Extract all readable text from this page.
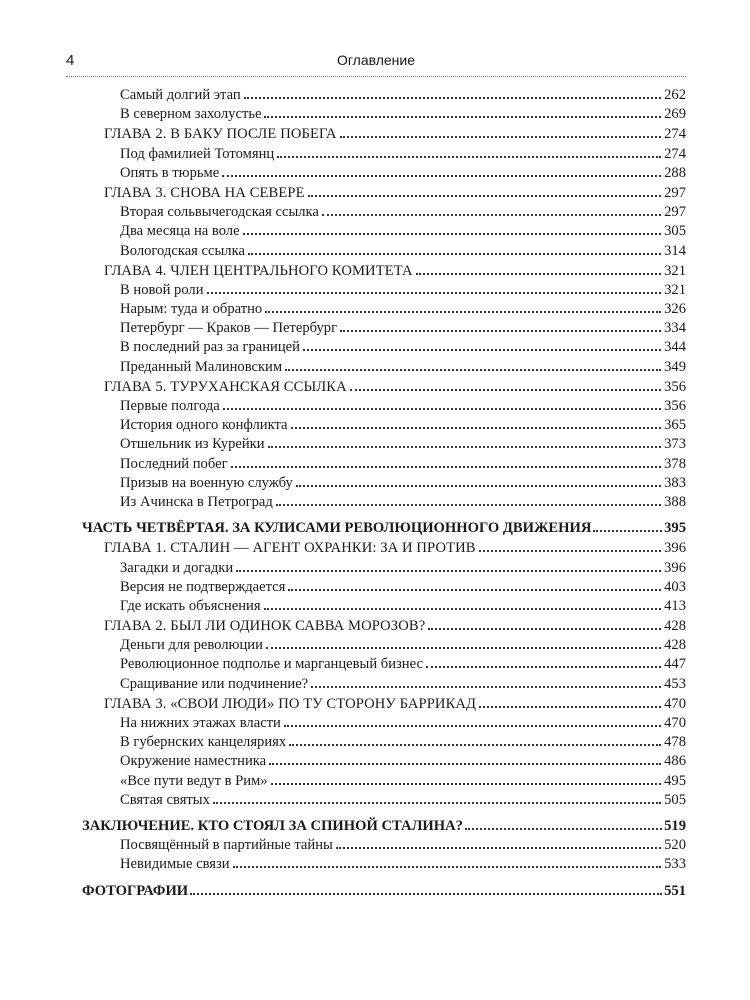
4	Оглавление
Самый долгий этап	262
В северном захолустье	269
ГЛАВА 2. В БАКУ ПОСЛЕ ПОБЕГА	274
Под фамилией Тотомянц	274
Опять в тюрьме	288
ГЛАВА 3. СНОВА НА СЕВЕРЕ	297
Вторая сольвычегодская ссылка	297
Два месяца на воле	305
Вологодская ссылка	314
ГЛАВА 4. ЧЛЕН ЦЕНТРАЛЬНОГО КОМИТЕТА	321
В новой роли	321
Нарым: туда и обратно	326
Петербург — Краков — Петербург	334
В последний раз за границей	344
Преданный Малиновским	349
ГЛАВА 5. ТУРУХАНСКАЯ ССЫЛКА	356
Первые полгода	356
История одного конфликта	365
Отшельник из Курейки	373
Последний побег	378
Призыв на военную службу	383
Из Ачинска в Петроград	388
ЧАСТЬ ЧЕТВЁРТАЯ. ЗА КУЛИСАМИ РЕВОЛЮЦИОННОГО ДВИЖЕНИЯ	395
ГЛАВА 1. СТАЛИН — АГЕНТ ОХРАНКИ: ЗА И ПРОТИВ	396
Загадки и догадки	396
Версия не подтверждается	403
Где искать объяснения	413
ГЛАВА 2. БЫЛ ЛИ ОДИНОК САВВА МОРОЗОВ?	428
Деньги для революции	428
Революционное подполье и марганцевый бизнес	447
Сращивание или подчинение?	453
ГЛАВА 3. «СВОИ ЛЮДИ» ПО ТУ СТОРОНУ БАРРИКАД	470
На нижних этажах власти	470
В губернских канцеляриях	478
Окружение наместника	486
«Все пути ведут в Рим»	495
Святая святых	505
ЗАКЛЮЧЕНИЕ. КТО СТОЯЛ ЗА СПИНОЙ СТАЛИНА?	519
Посвящённый в партийные тайны	520
Невидимые связи	533
ФОТОГРАФИИ	551
